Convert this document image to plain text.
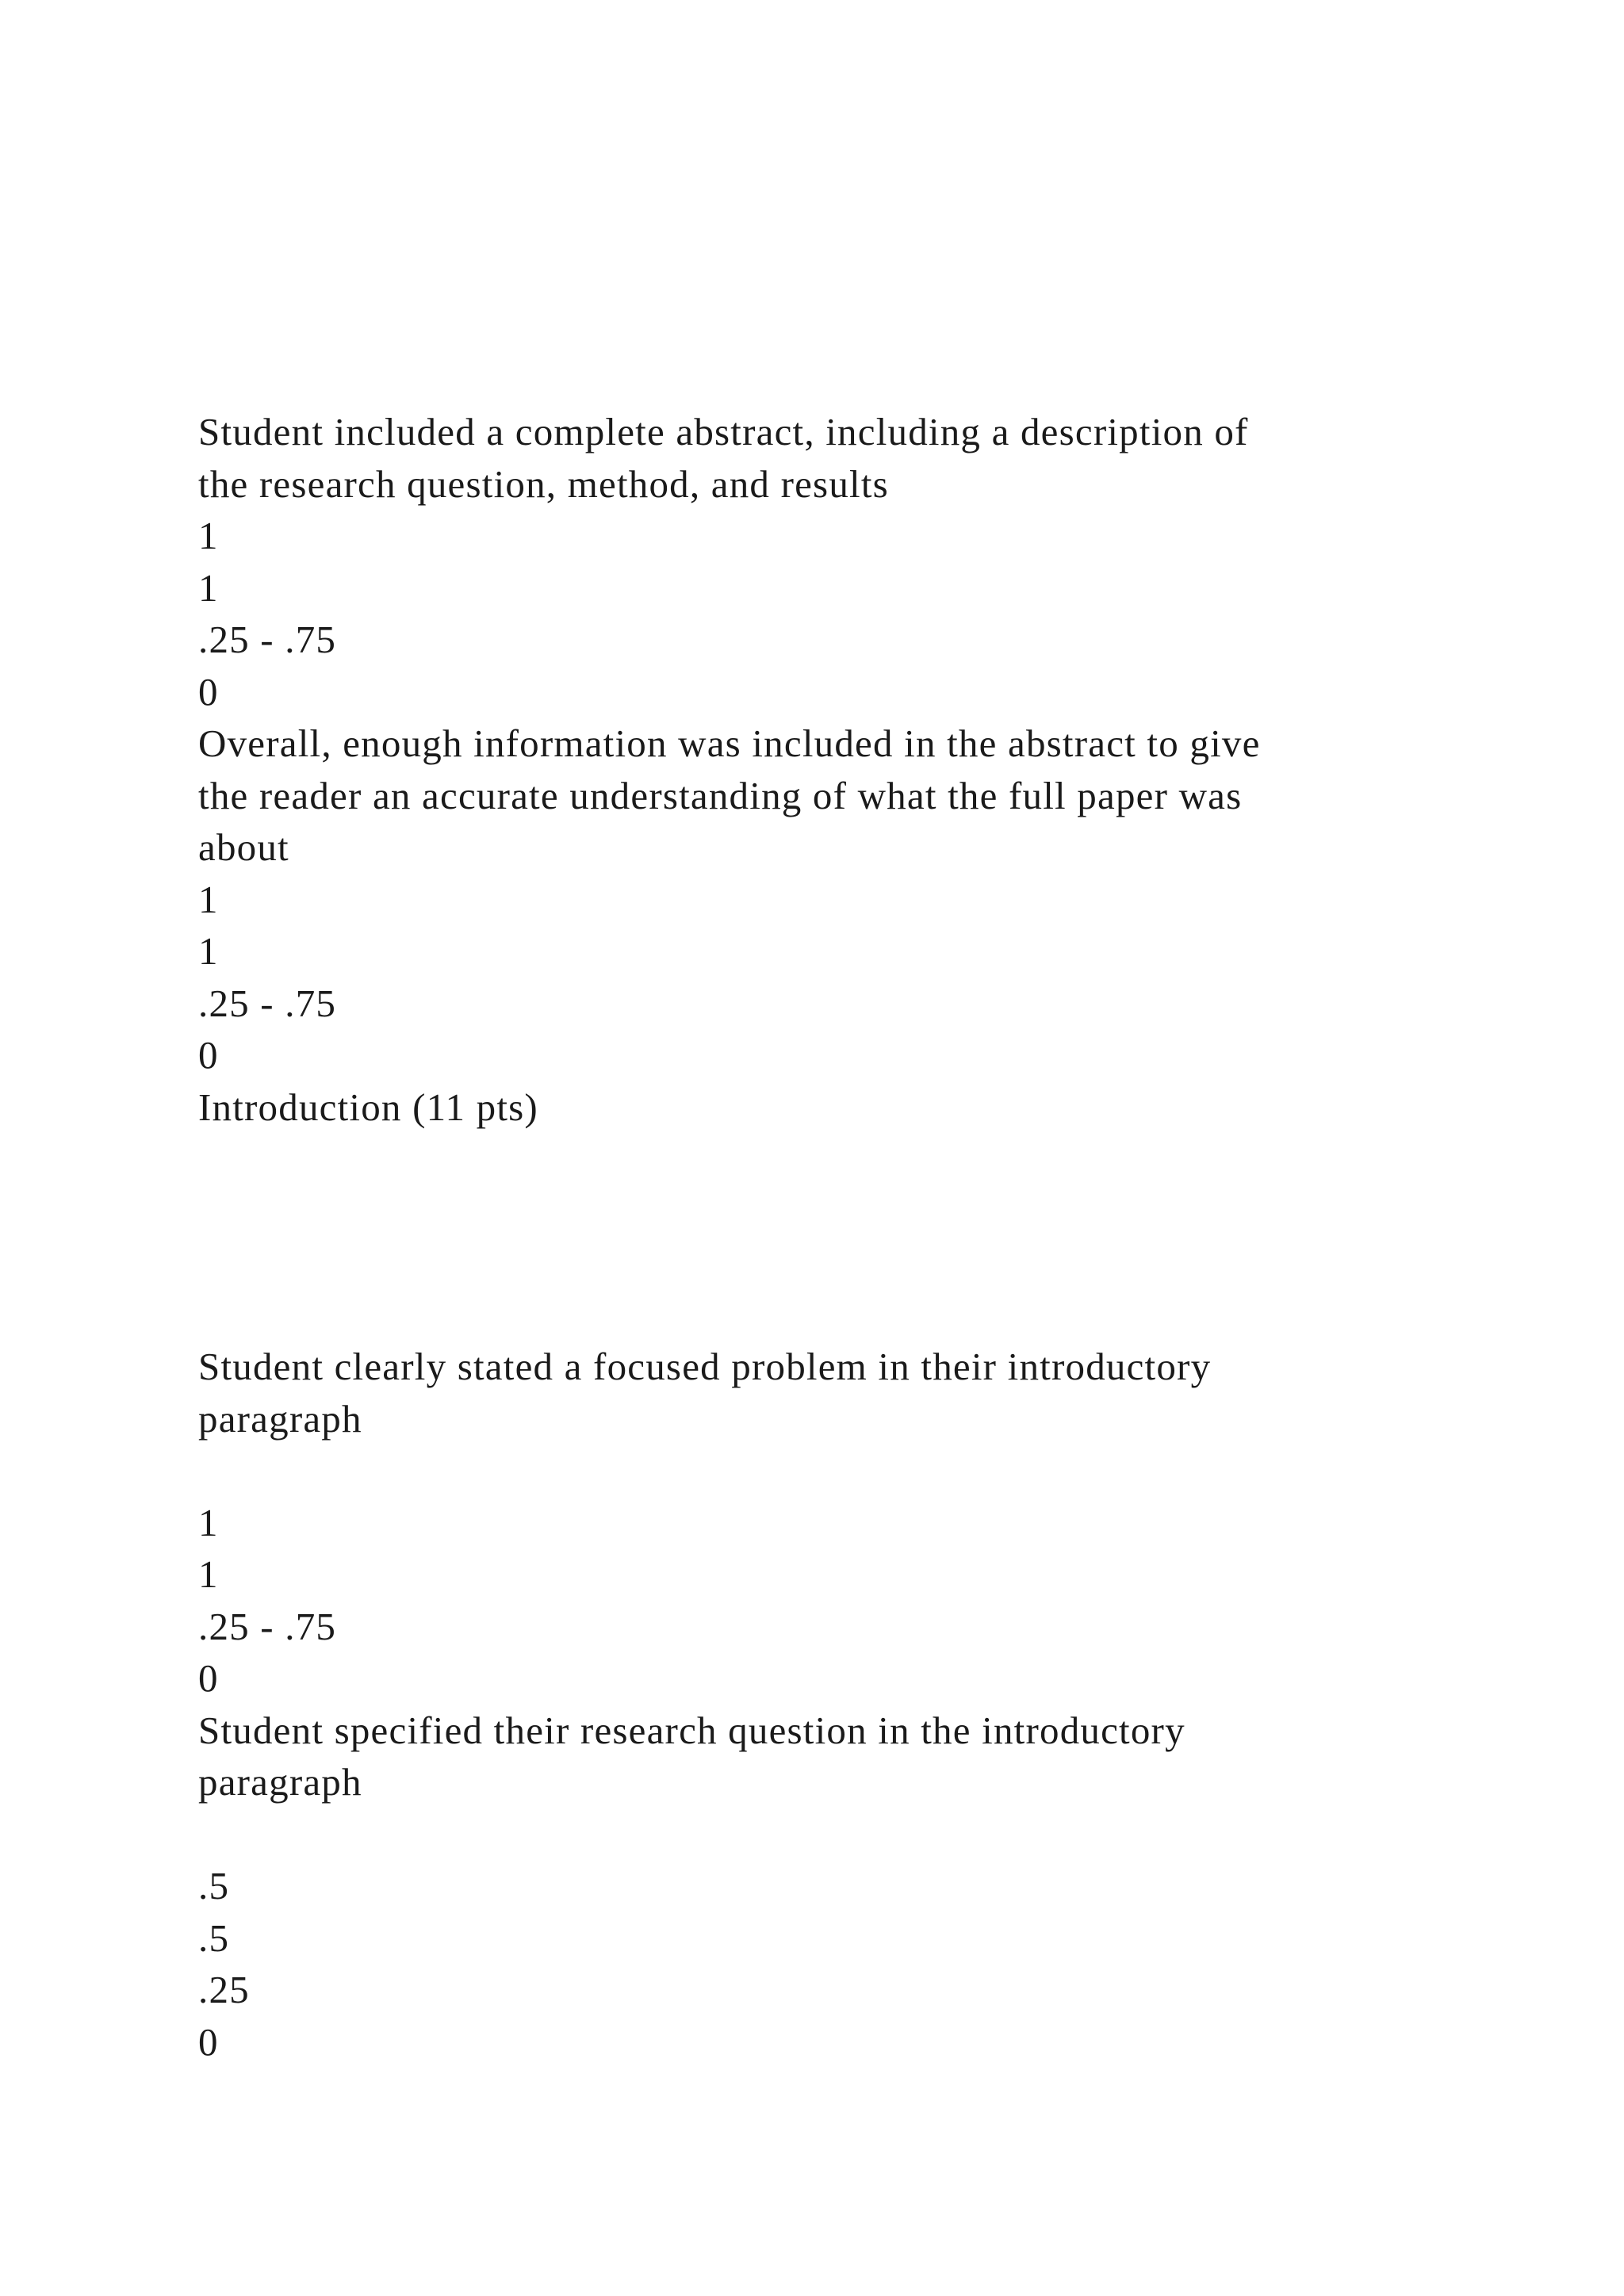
Student included a complete abstract, including a description of

the research question, method, and results

1

1

.25 - .75

0

Overall, enough information was included in the abstract to give

the reader an accurate understanding of what the full paper was

about

1

1

.25 - .75

0

Introduction (11 pts)

Student clearly stated a focused problem in their introductory

paragraph

1

1

.25 - .75

0

Student specified their research question in the introductory

paragraph

.5

.5

.25

0
